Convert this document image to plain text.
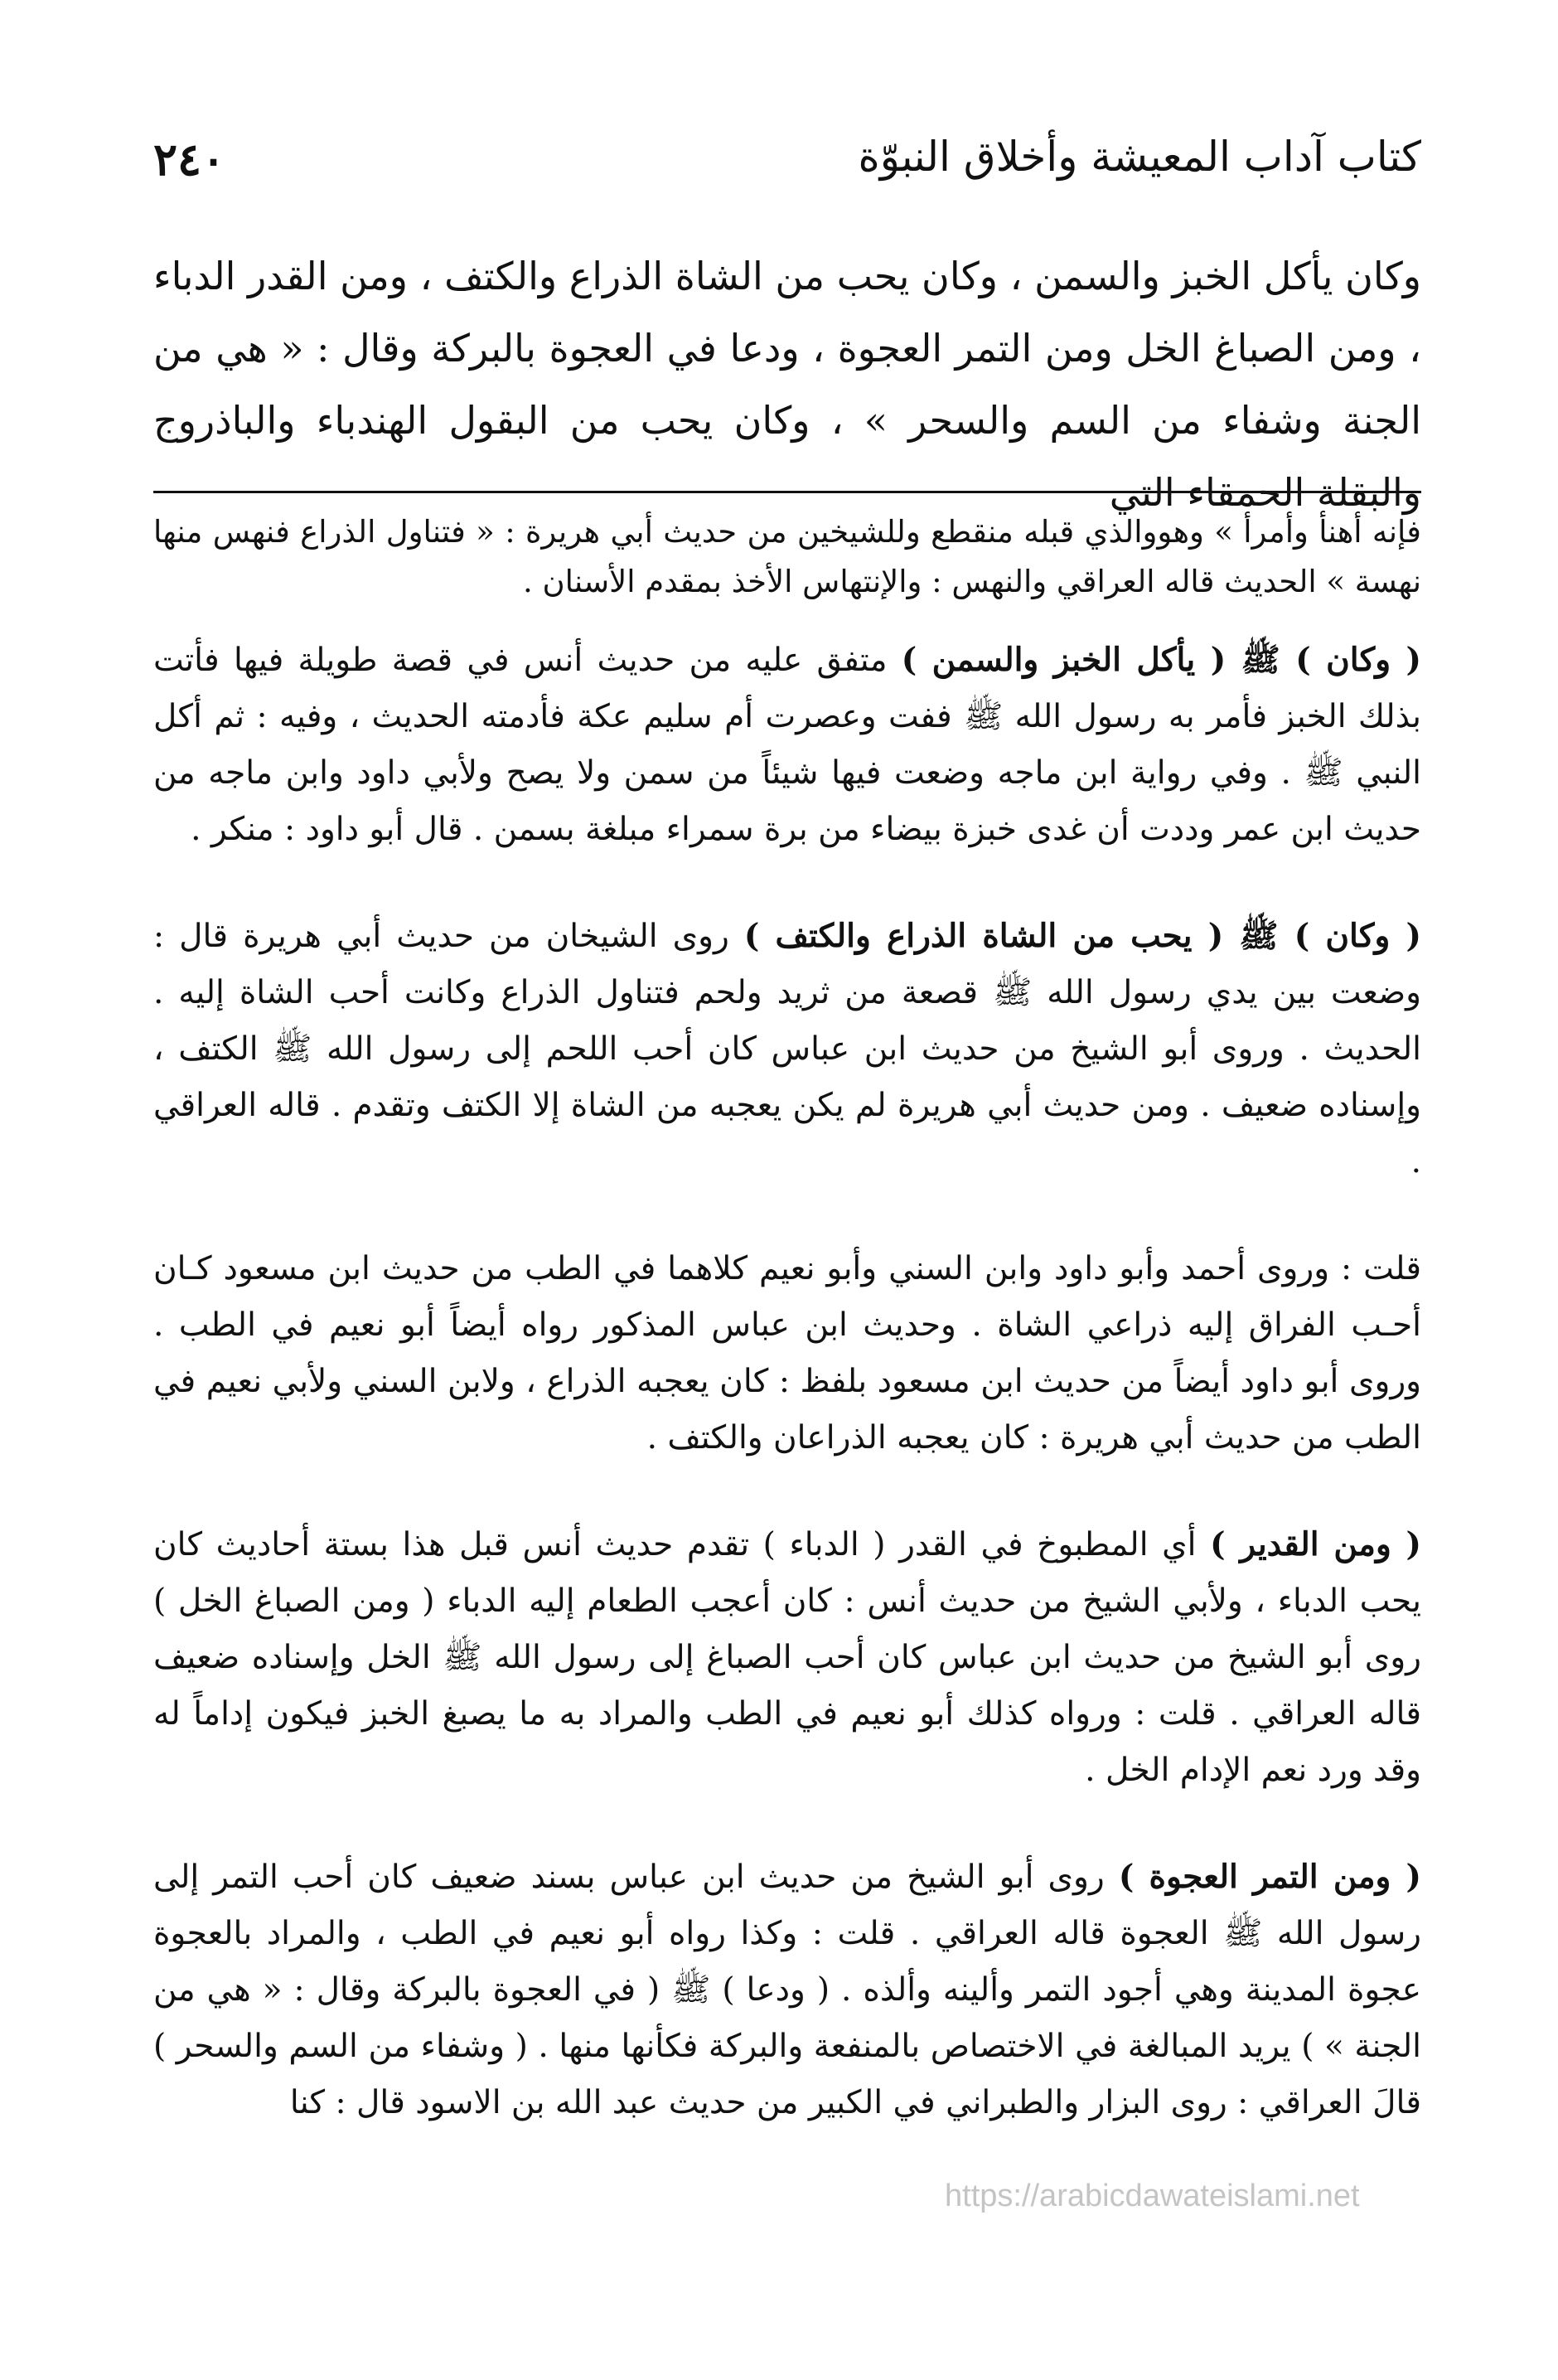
٢٤٠	كتاب آداب المعيشة وأخلاق النبوّة
وكان يأكل الخبز والسمن ، وكان يحب من الشاة الذراع والكتف ، ومن القدر الدباء ، ومن الصباغ الخل ومن التمر العجوة ، ودعا في العجوة بالبركة وقال : « هي من الجنة وشفاء من السم والسحر » ، وكان يحب من البقول الهندباء والباذروج والبقلة الحمقاء التي

فإنه أهنأ وأمرأ » وهووالذي قبله منقطع وللشيخين من حديث أبي هريرة : « فتناول الذراع فنهس منها نهسة » الحديث قاله العراقي والنهس : والإنتهاس الأخذ بمقدم الأسنان .

( وكان ) ﷺ ( يأكل الخبز والسمن ) متفق عليه من حديث أنس في قصة طويلة فيها فأتت بذلك الخبز فأمر به رسول الله ﷺ ففت وعصرت أم سليم عكة فأدمته الحديث ، وفيه : ثم أكل النبي ﷺ . وفي رواية ابن ماجه وضعت فيها شيئاً من سمن ولا يصح ولأبي داود وابن ماجه من حديث ابن عمر وددت أن غدى خبزة بيضاء من برة سمراء مبلغة بسمن . قال أبو داود : منكر .

( وكان ) ﷺ ( يحب من الشاة الذراع والكتف ) روى الشيخان من حديث أبي هريرة قال : وضعت بين يدي رسول الله ﷺ قصعة من ثريد ولحم فتناول الذراع وكانت أحب الشاة إليه . الحديث . وروى أبو الشيخ من حديث ابن عباس كان أحب اللحم إلى رسول الله ﷺ الكتف ، وإسناده ضعيف . ومن حديث أبي هريرة لم يكن يعجبه من الشاة إلا الكتف وتقدم . قاله العراقي .

قلت : وروى أحمد وأبو داود وابن السني وأبو نعيم كلاهما في الطب من حديث ابن مسعود كـان أحـب الفراق إليه ذراعي الشاة . وحديث ابن عباس المذكور رواه أيضاً أبو نعيم في الطب . وروى أبو داود أيضاً من حديث ابن مسعود بلفظ : كان يعجبه الذراع ، ولابن السني ولأبي نعيم في الطب من حديث أبي هريرة : كان يعجبه الذراعان والكتف .

( ومن القدير ) أي المطبوخ في القدر ( الدباء ) تقدم حديث أنس قبل هذا بستة أحاديث كان يحب الدباء ، ولأبي الشيخ من حديث أنس : كان أعجب الطعام إليه الدباء ( ومن الصباغ الخل ) روى أبو الشيخ من حديث ابن عباس كان أحب الصباغ إلى رسول الله ﷺ الخل وإسناده ضعيف قاله العراقي . قلت : ورواه كذلك أبو نعيم في الطب والمراد به ما يصبغ الخبز فيكون إداماً له وقد ورد نعم الإدام الخل .

( ومن التمر العجوة ) روى أبو الشيخ من حديث ابن عباس بسند ضعيف كان أحب التمر إلى رسول الله ﷺ العجوة قاله العراقي . قلت : وكذا رواه أبو نعيم في الطب ، والمراد بالعجوة عجوة المدينة وهي أجود التمر وألينه وألذه . ( ودعا ) ﷺ ( في العجوة بالبركة وقال : « هي من الجنة » ) يريد المبالغة في الاختصاص بالمنفعة والبركة فكأنها منها . ( وشفاء من السم والسحر ) قالَ العراقي : روى البزار والطبراني في الكبير من حديث عبد الله بن الاسود قال : كنا

https://arabicdawateislami.net
